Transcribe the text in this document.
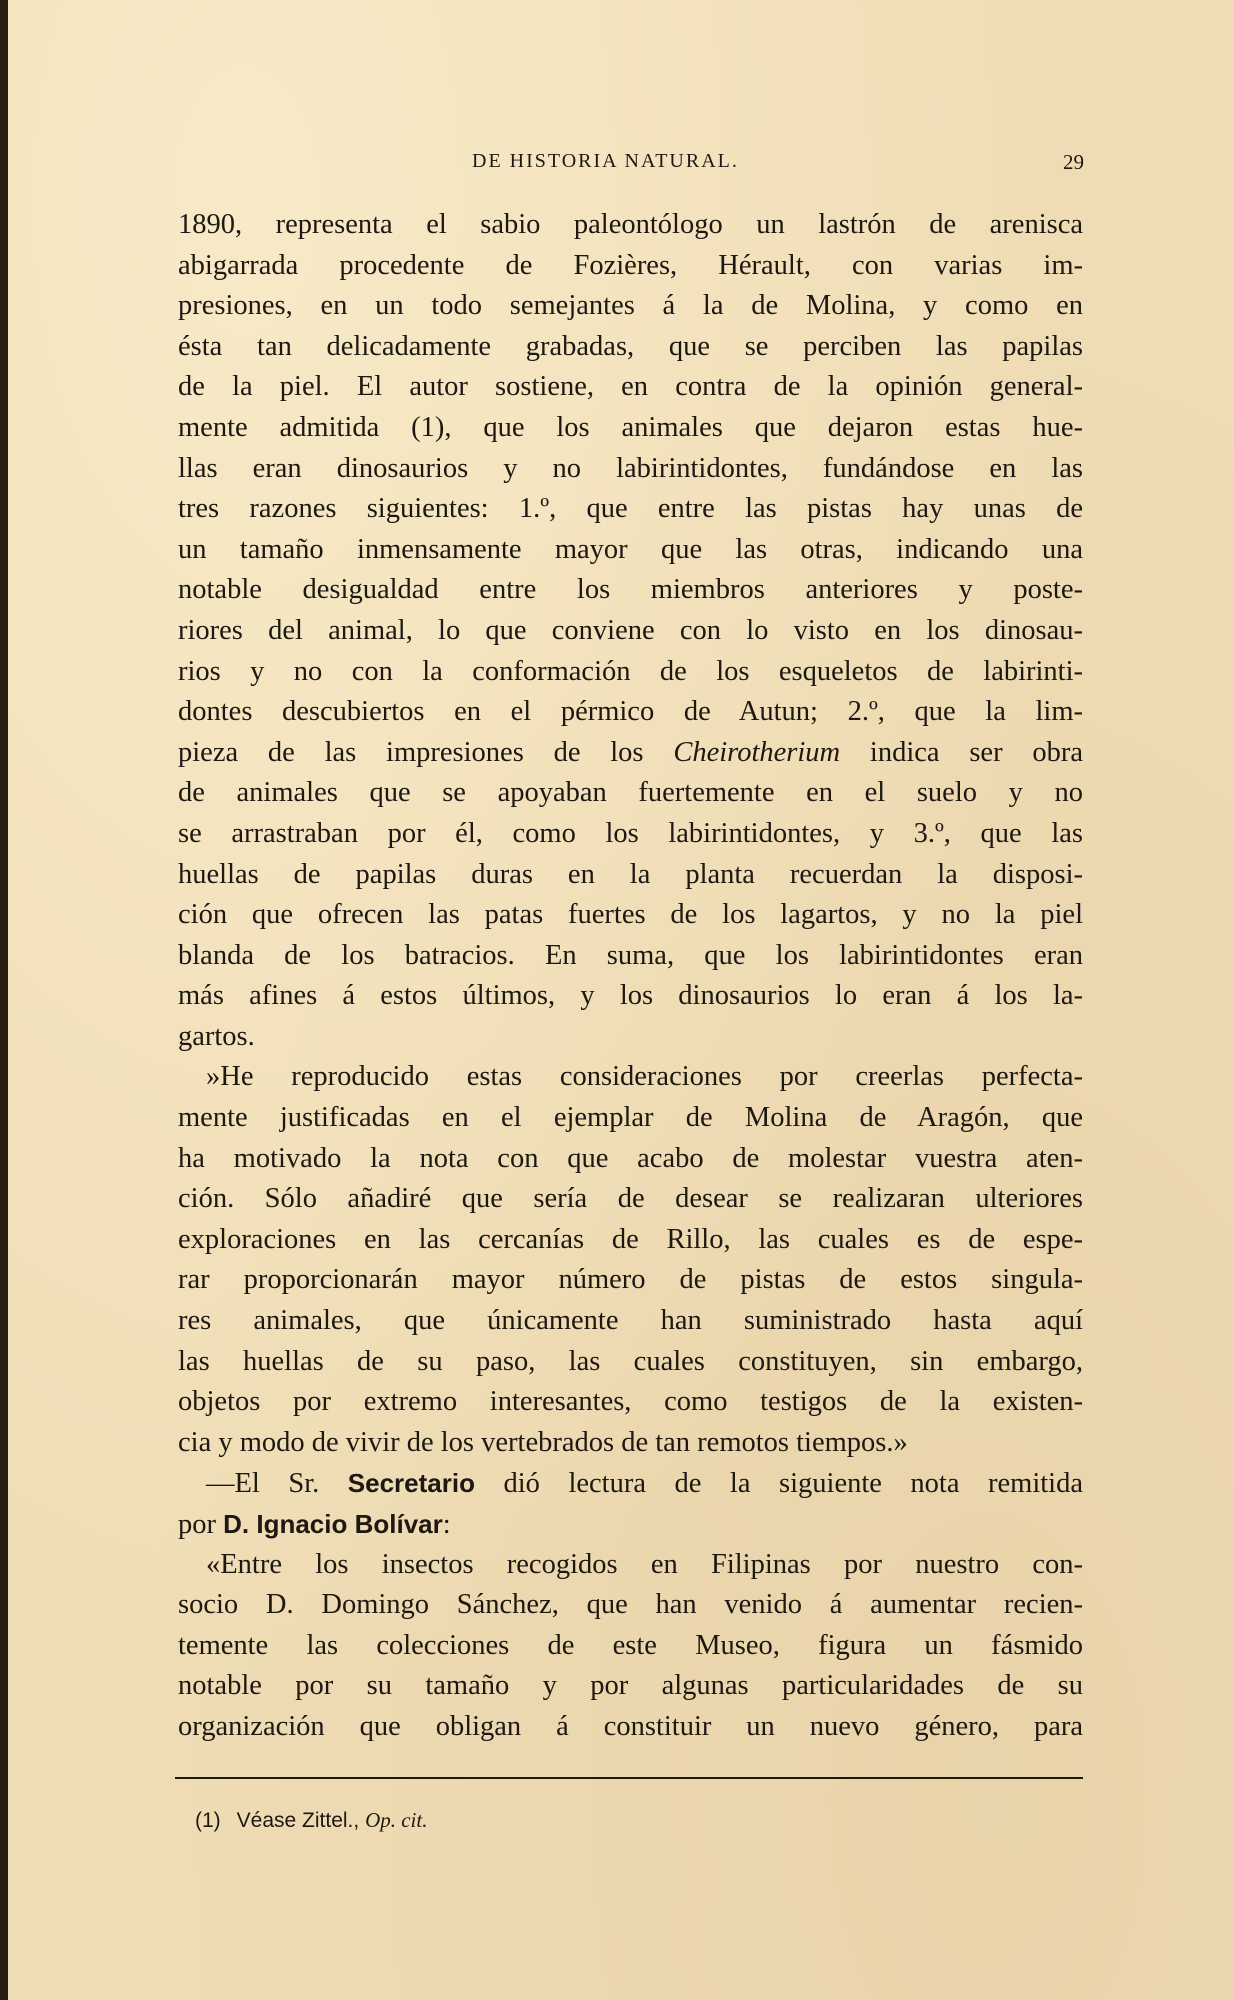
DE HISTORIA NATURAL.	29
1890, representa el sabio paleontólogo un lastrón de arenisca
abigarrada procedente de Fozières, Hérault, con varias im-
presiones, en un todo semejantes á la de Molina, y como en
ésta tan delicadamente grabadas, que se perciben las papilas
de la piel. El autor sostiene, en contra de la opinión general-
mente admitida (1), que los animales que dejaron estas hue-
llas eran dinosaurios y no labirintidontes, fundándose en las
tres razones siguientes: 1.º, que entre las pistas hay unas de
un tamaño inmensamente mayor que las otras, indicando una
notable desigualdad entre los miembros anteriores y poste-
riores del animal, lo que conviene con lo visto en los dinosau-
rios y no con la conformación de los esqueletos de labirinti-
dontes descubiertos en el pérmico de Autun; 2.º, que la lim-
pieza de las impresiones de los Cheirotherium indica ser obra
de animales que se apoyaban fuertemente en el suelo y no
se arrastraban por él, como los labirintidontes, y 3.º, que las
huellas de papilas duras en la planta recuerdan la disposi-
ción que ofrecen las patas fuertes de los lagartos, y no la piel
blanda de los batracios. En suma, que los labirintidontes eran
más afines á estos últimos, y los dinosaurios lo eran á los la-
gartos.
»He reproducido estas consideraciones por creerlas perfecta-
mente justificadas en el ejemplar de Molina de Aragón, que
ha motivado la nota con que acabo de molestar vuestra aten-
ción. Sólo añadiré que sería de desear se realizaran ulteriores
exploraciones en las cercanías de Rillo, las cuales es de espe-
rar proporcionarán mayor número de pistas de estos singula-
res animales, que únicamente han suministrado hasta aquí
las huellas de su paso, las cuales constituyen, sin embargo,
objetos por extremo interesantes, como testigos de la existen-
cia y modo de vivir de los vertebrados de tan remotos tiempos.»
—El Sr. Secretario dió lectura de la siguiente nota remitida
por D. Ignacio Bolívar:
«Entre los insectos recogidos en Filipinas por nuestro con-
socio D. Domingo Sánchez, que han venido á aumentar recien-
temente las colecciones de este Museo, figura un fásmido
notable por su tamaño y por algunas particularidades de su
organización que obligan á constituir un nuevo género, para
(1) Véase Zittel., Op. cit.
